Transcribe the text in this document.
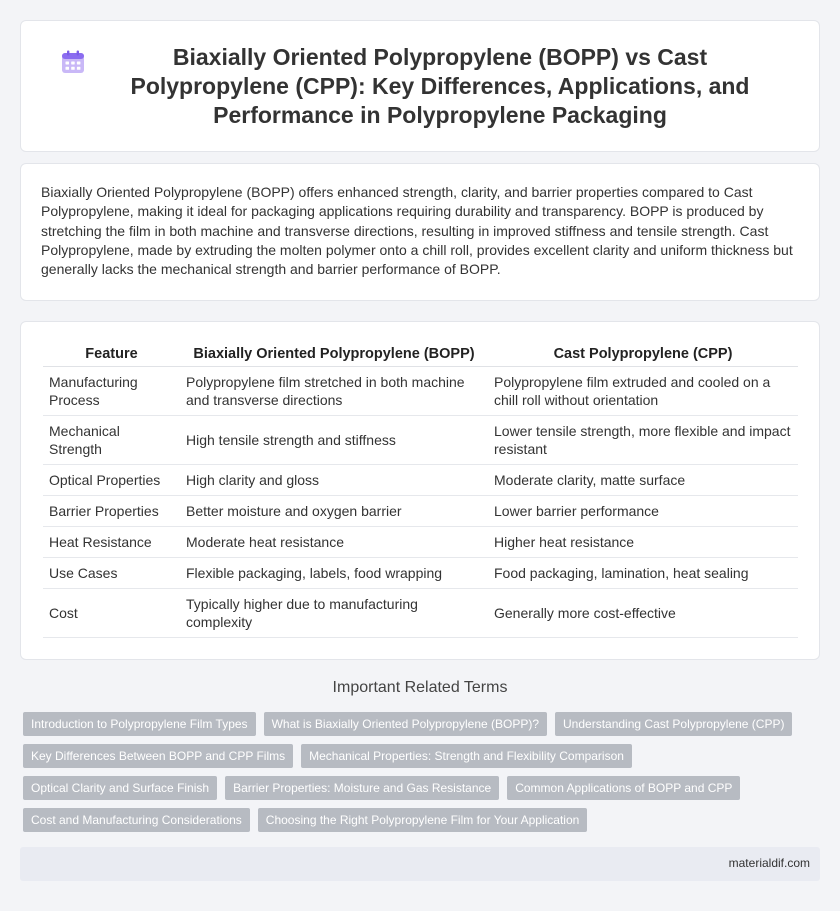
Biaxially Oriented Polypropylene (BOPP) vs Cast Polypropylene (CPP): Key Differences, Applications, and Performance in Polypropylene Packaging

Biaxially Oriented Polypropylene (BOPP) offers enhanced strength, clarity, and barrier properties compared to Cast Polypropylene, making it ideal for packaging applications requiring durability and transparency. BOPP is produced by stretching the film in both machine and transverse directions, resulting in improved stiffness and tensile strength. Cast Polypropylene, made by extruding the molten polymer onto a chill roll, provides excellent clarity and uniform thickness but generally lacks the mechanical strength and barrier performance of BOPP.

Feature	Biaxially Oriented Polypropylene (BOPP)	Cast Polypropylene (CPP)
Manufacturing Process	Polypropylene film stretched in both machine and transverse directions	Polypropylene film extruded and cooled on a chill roll without orientation
Mechanical Strength	High tensile strength and stiffness	Lower tensile strength, more flexible and impact resistant
Optical Properties	High clarity and gloss	Moderate clarity, matte surface
Barrier Properties	Better moisture and oxygen barrier	Lower barrier performance
Heat Resistance	Moderate heat resistance	Higher heat resistance
Use Cases	Flexible packaging, labels, food wrapping	Food packaging, lamination, heat sealing
Cost	Typically higher due to manufacturing complexity	Generally more cost-effective
Important Related Terms
Introduction to Polypropylene Film Types	What is Biaxially Oriented Polypropylene (BOPP)?	Understanding Cast Polypropylene (CPP)
Key Differences Between BOPP and CPP Films	Mechanical Properties: Strength and Flexibility Comparison
Optical Clarity and Surface Finish	Barrier Properties: Moisture and Gas Resistance	Common Applications of BOPP and CPP
Cost and Manufacturing Considerations	Choosing the Right Polypropylene Film for Your Application
materialdif.com
